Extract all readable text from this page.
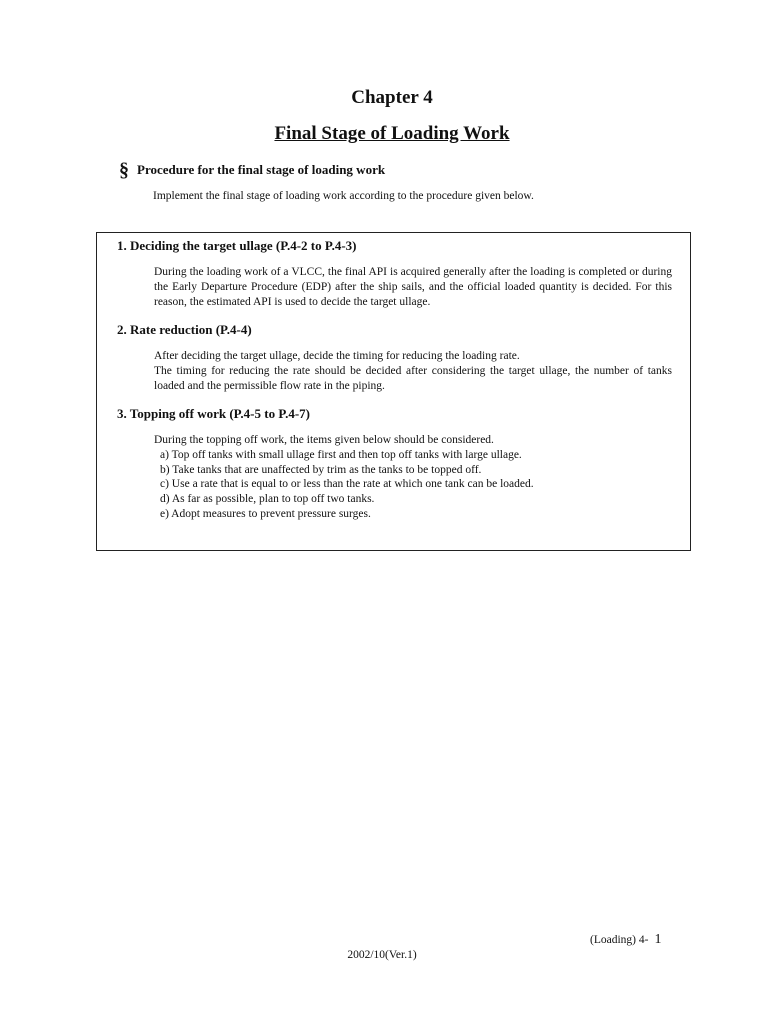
Chapter 4
Final Stage of Loading Work
§ Procedure for the final stage of loading work
Implement the final stage of loading work according to the procedure given below.
1. Deciding the target ullage (P.4-2 to P.4-3)

During the loading work of a VLCC, the final API is acquired generally after the loading is completed or during the Early Departure Procedure (EDP) after the ship sails, and the official loaded quantity is decided. For this reason, the estimated API is used to decide the target ullage.

2. Rate reduction (P.4-4)

After deciding the target ullage, decide the timing for reducing the loading rate.

The timing for reducing the rate should be decided after considering the target ullage, the number of tanks loaded and the permissible flow rate in the piping.

3. Topping off work (P.4-5 to P.4-7)

During the topping off work, the items given below should be considered.

a) Top off tanks with small ullage first and then top off tanks with large ullage.
b) Take tanks that are unaffected by trim as the tanks to be topped off.
c) Use a rate that is equal to or less than the rate at which one tank can be loaded.
d) As far as possible, plan to top off two tanks.
e) Adopt measures to prevent pressure surges.
(Loading) 4- 1
2002/10(Ver.1)
